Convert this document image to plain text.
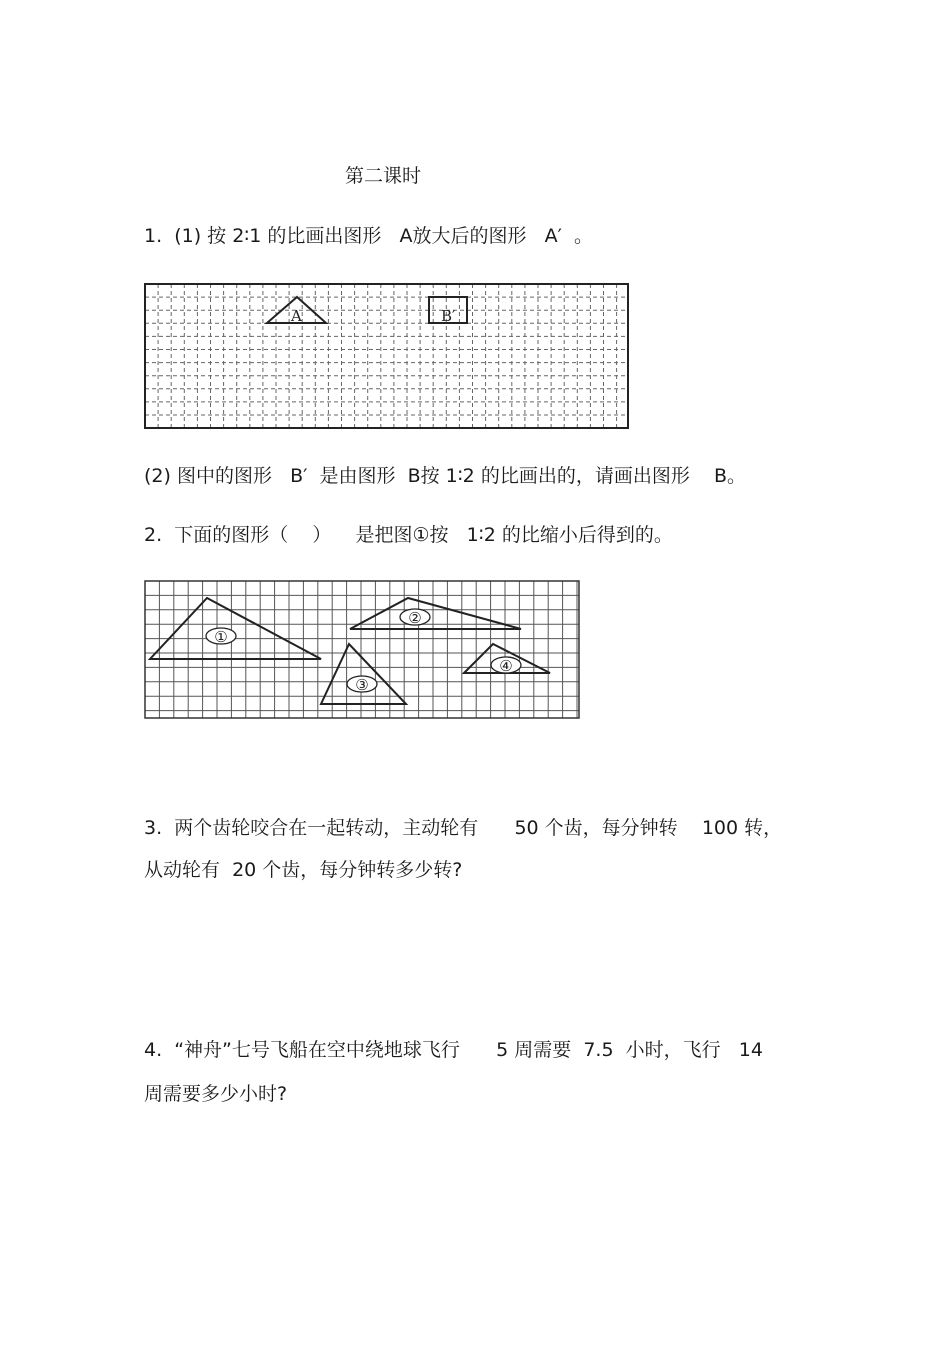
第二课时
1.  (1) 按 2∶1 的比画出图形   A放大后的图形   A′  。
A	B′
(2) 图中的图形   B′  是由图形  B按 1∶2 的比画出的，请画出图形    B。
2.  下面的图形（    ）    是把图①按   1∶2 的比缩小后得到的。
①
②
③
④
3.  两个齿轮咬合在一起转动，主动轮有      50 个齿，每分钟转    100 转，
从动轮有  20 个齿，每分钟转多少转?
4.  “神舟”七号飞船在空中绕地球飞行      5 周需要  7.5  小时，飞行   14
周需要多少小时?
